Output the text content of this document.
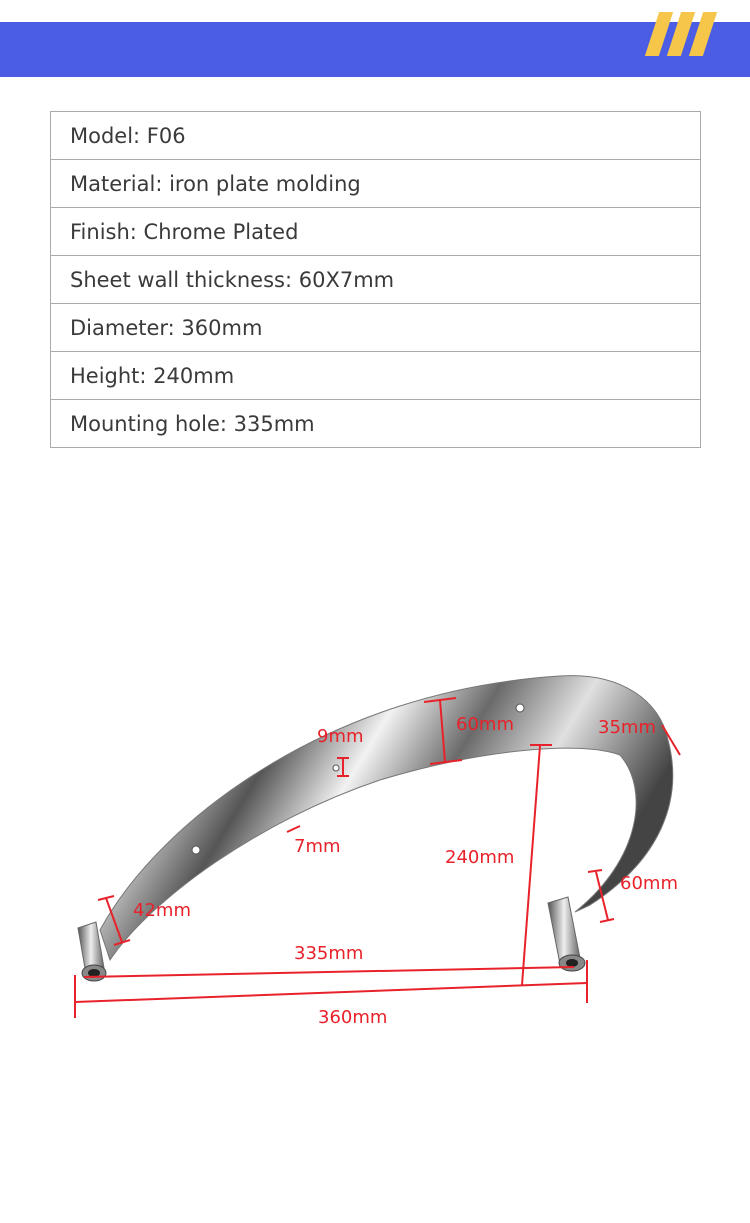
Model: F06
Material: iron plate molding
Finish: Chrome Plated
Sheet wall thickness: 60X7mm
Diameter: 360mm
Height: 240mm
Mounting hole: 335mm
60mm
9mm
7mm
35mm
240mm
60mm
42mm
335mm
360mm
